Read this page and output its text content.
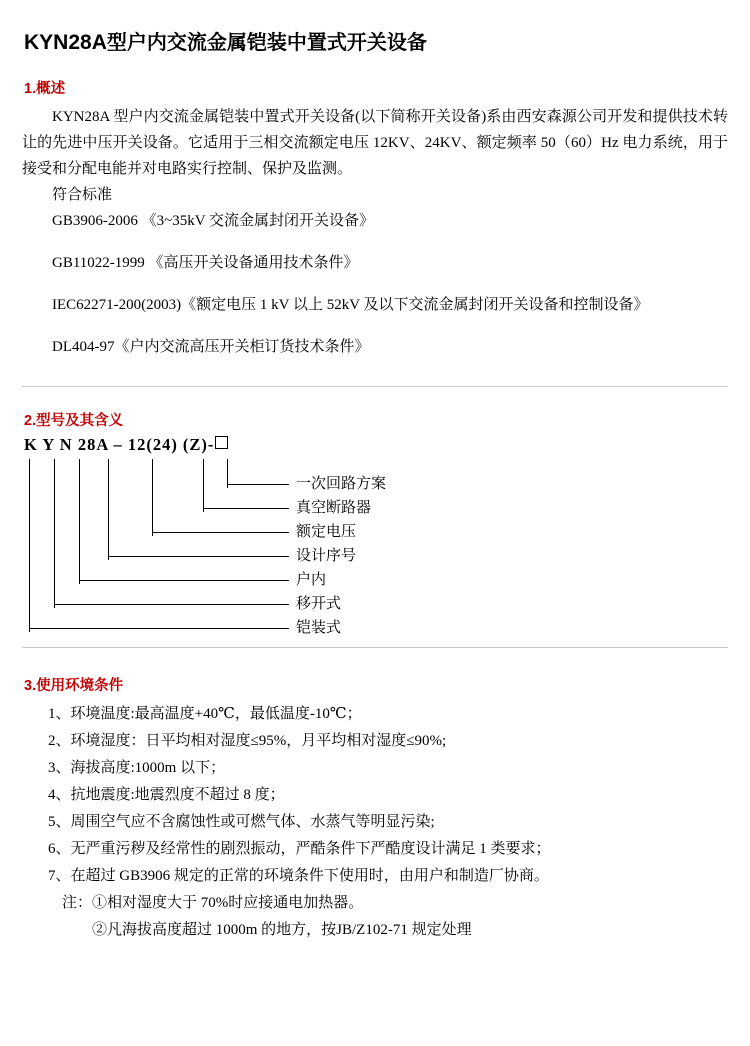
KYN28A型户内交流金属铠装中置式开关设备
1.概述

KYN28A 型户内交流金属铠装中置式开关设备(以下简称开关设备)系由西安森源公司开发和提供技术转让的先进中压开关设备。它适用于三相交流额定电压 12KV、24KV、额定频率 50（60）Hz 电力系统，用于接受和分配电能并对电路实行控制、保护及监测。

符合标准

GB3906-2006 《3~35kV 交流金属封闭开关设备》

GB11022-1999 《高压开关设备通用技术条件》

IEC62271-200(2003)《额定电压 1 kV 以上 52kV 及以下交流金属封闭开关设备和控制设备》

DL404-97《户内交流高压开关柜订货技术条件》

2.型号及其含义
K Y N 28A – 12(24) (Z)-
一次回路方案
真空断路器
额定电压
设计序号
户内
移开式
铠装式
3.使用环境条件

1、环境温度:最高温度+40℃，最低温度-10℃；

2、环境湿度：日平均相对湿度≤95%，月平均相对湿度≤90%;

3、海拔高度:1000m 以下；

4、抗地震度:地震烈度不超过 8 度；

5、周围空气应不含腐蚀性或可燃气体、水蒸气等明显污染;

6、无严重污秽及经常性的剧烈振动，严酷条件下严酷度设计满足 1 类要求；

7、在超过 GB3906 规定的正常的环境条件下使用时，由用户和制造厂协商。

注：①相对湿度大于 70%时应接通电加热器。

②凡海拔高度超过 1000m 的地方，按JB/Z102-71 规定处理
